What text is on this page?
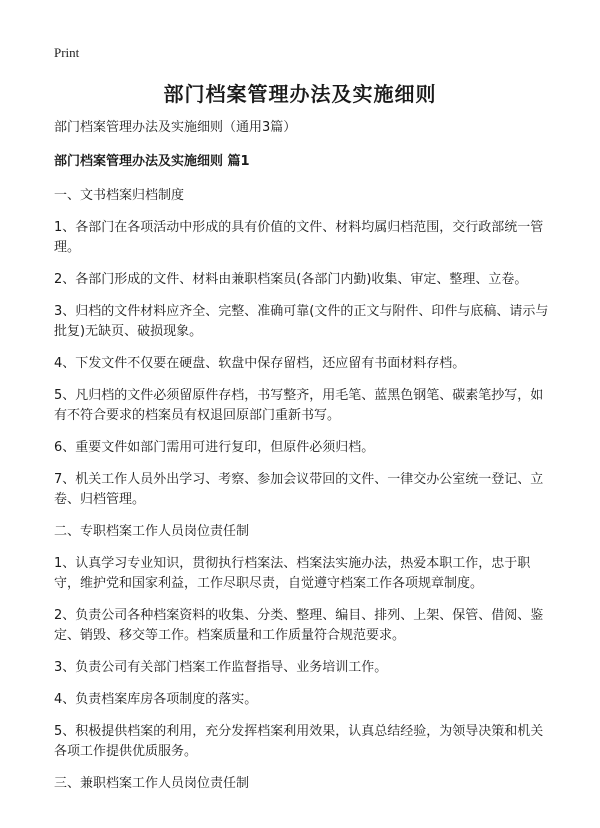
Print
部门档案管理办法及实施细则

部门档案管理办法及实施细则（通用3篇）

部门档案管理办法及实施细则 篇1

一、文书档案归档制度

1、各部门在各项活动中形成的具有价值的文件、材料均属归档范围，交行政部统一管理。

2、各部门形成的文件、材料由兼职档案员(各部门内勤)收集、审定、整理、立卷。

3、归档的文件材料应齐全、完整、准确可靠(文件的正文与附件、印件与底稿、请示与批复)无缺页、破损现象。

4、下发文件不仅要在硬盘、软盘中保存留档，还应留有书面材料存档。

5、凡归档的文件必须留原件存档，书写整齐，用毛笔、蓝黑色钢笔、碳素笔抄写，如有不符合要求的档案员有权退回原部门重新书写。

6、重要文件如部门需用可进行复印，但原件必须归档。

7、机关工作人员外出学习、考察、参加会议带回的文件、一律交办公室统一登记、立卷、归档管理。

二、专职档案工作人员岗位责任制

1、认真学习专业知识，贯彻执行档案法、档案法实施办法，热爱本职工作，忠于职守，维护党和国家利益，工作尽职尽责，自觉遵守档案工作各项规章制度。

2、负责公司各种档案资料的收集、分类、整理、编目、排列、上架、保管、借阅、鉴定、销毁、移交等工作。档案质量和工作质量符合规范要求。

3、负责公司有关部门档案工作监督指导、业务培训工作。

4、负责档案库房各项制度的落实。

5、积极提供档案的利用，充分发挥档案利用效果，认真总结经验，为领导决策和机关各项工作提供优质服务。

三、兼职档案工作人员岗位责任制
